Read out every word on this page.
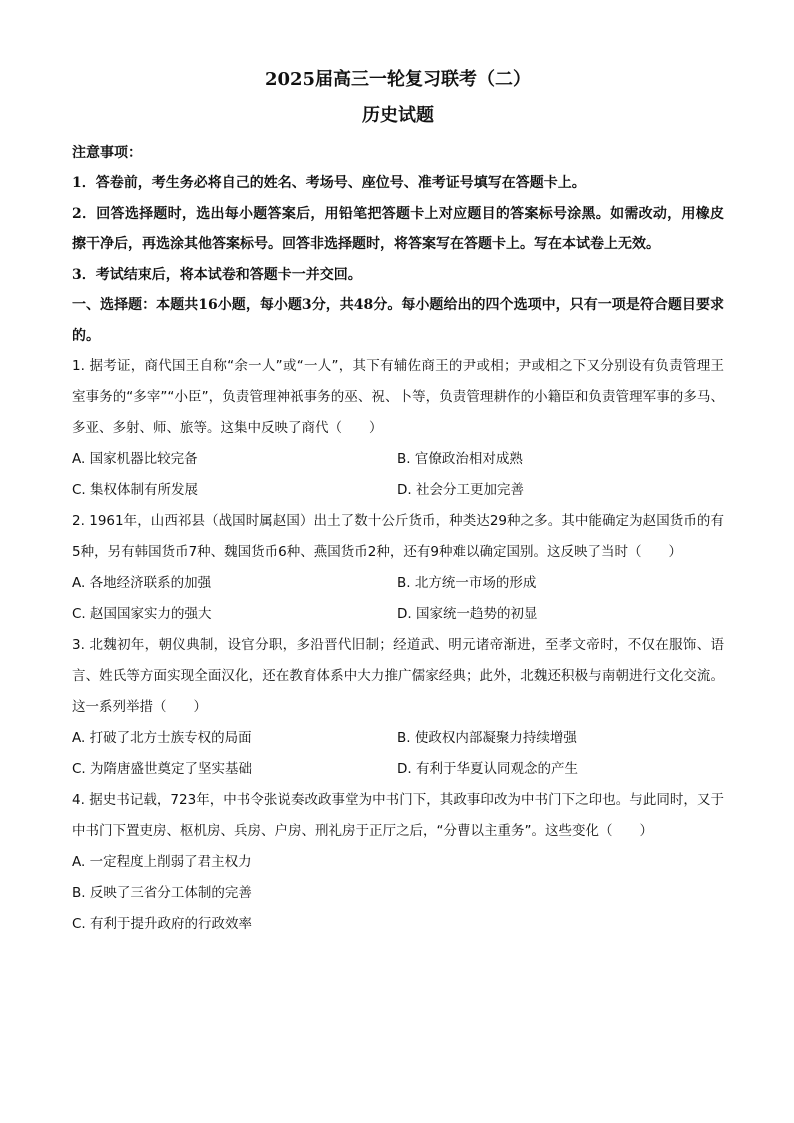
2025届高三一轮复习联考（二）

历史试题

注意事项：

1．答卷前，考生务必将自己的姓名、考场号、座位号、准考证号填写在答题卡上。

2．回答选择题时，选出每小题答案后，用铅笔把答题卡上对应题目的答案标号涂黑。如需改动，用橡皮擦干净后，再选涂其他答案标号。回答非选择题时，将答案写在答题卡上。写在本试卷上无效。

3．考试结束后，将本试卷和答题卡一并交回。

一、选择题：本题共16小题，每小题3分，共48分。每小题给出的四个选项中，只有一项是符合题目要求的。

1. 据考证，商代国王自称“余一人”或“一人”，其下有辅佐商王的尹或相；尹或相之下又分别设有负责管理王室事务的“多宰”“小臣”，负责管理神祇事务的巫、祝、卜等，负责管理耕作的小籍臣和负责管理军事的多马、多亚、多射、师、旅等。这集中反映了商代（　　）

A. 国家机器比较完备	B. 官僚政治相对成熟
C. 集权体制有所发展	D. 社会分工更加完善

2. 1961年，山西祁县（战国时属赵国）出土了数十公斤货币，种类达29种之多。其中能确定为赵国货币的有5种，另有韩国货币7种、魏国货币6种、燕国货币2种，还有9种难以确定国别。这反映了当时（　　）

A. 各地经济联系的加强	B. 北方统一市场的形成
C. 赵国国家实力的强大	D. 国家统一趋势的初显

3. 北魏初年，朝仪典制，设官分职，多沿晋代旧制；经道武、明元诸帝渐进，至孝文帝时，不仅在服饰、语言、姓氏等方面实现全面汉化，还在教育体系中大力推广儒家经典；此外，北魏还积极与南朝进行文化交流。这一系列举措（　　）

A. 打破了北方士族专权的局面	B. 使政权内部凝聚力持续增强
C. 为隋唐盛世奠定了坚实基础	D. 有利于华夏认同观念的产生

4. 据史书记载，723年，中书令张说奏改政事堂为中书门下，其政事印改为中书门下之印也。与此同时，又于中书门下置吏房、枢机房、兵房、户房、刑礼房于正厅之后，“分曹以主重务”。这些变化（　　）

A. 一定程度上削弱了君主权力
B. 反映了三省分工体制的完善
C. 有利于提升政府的行政效率
